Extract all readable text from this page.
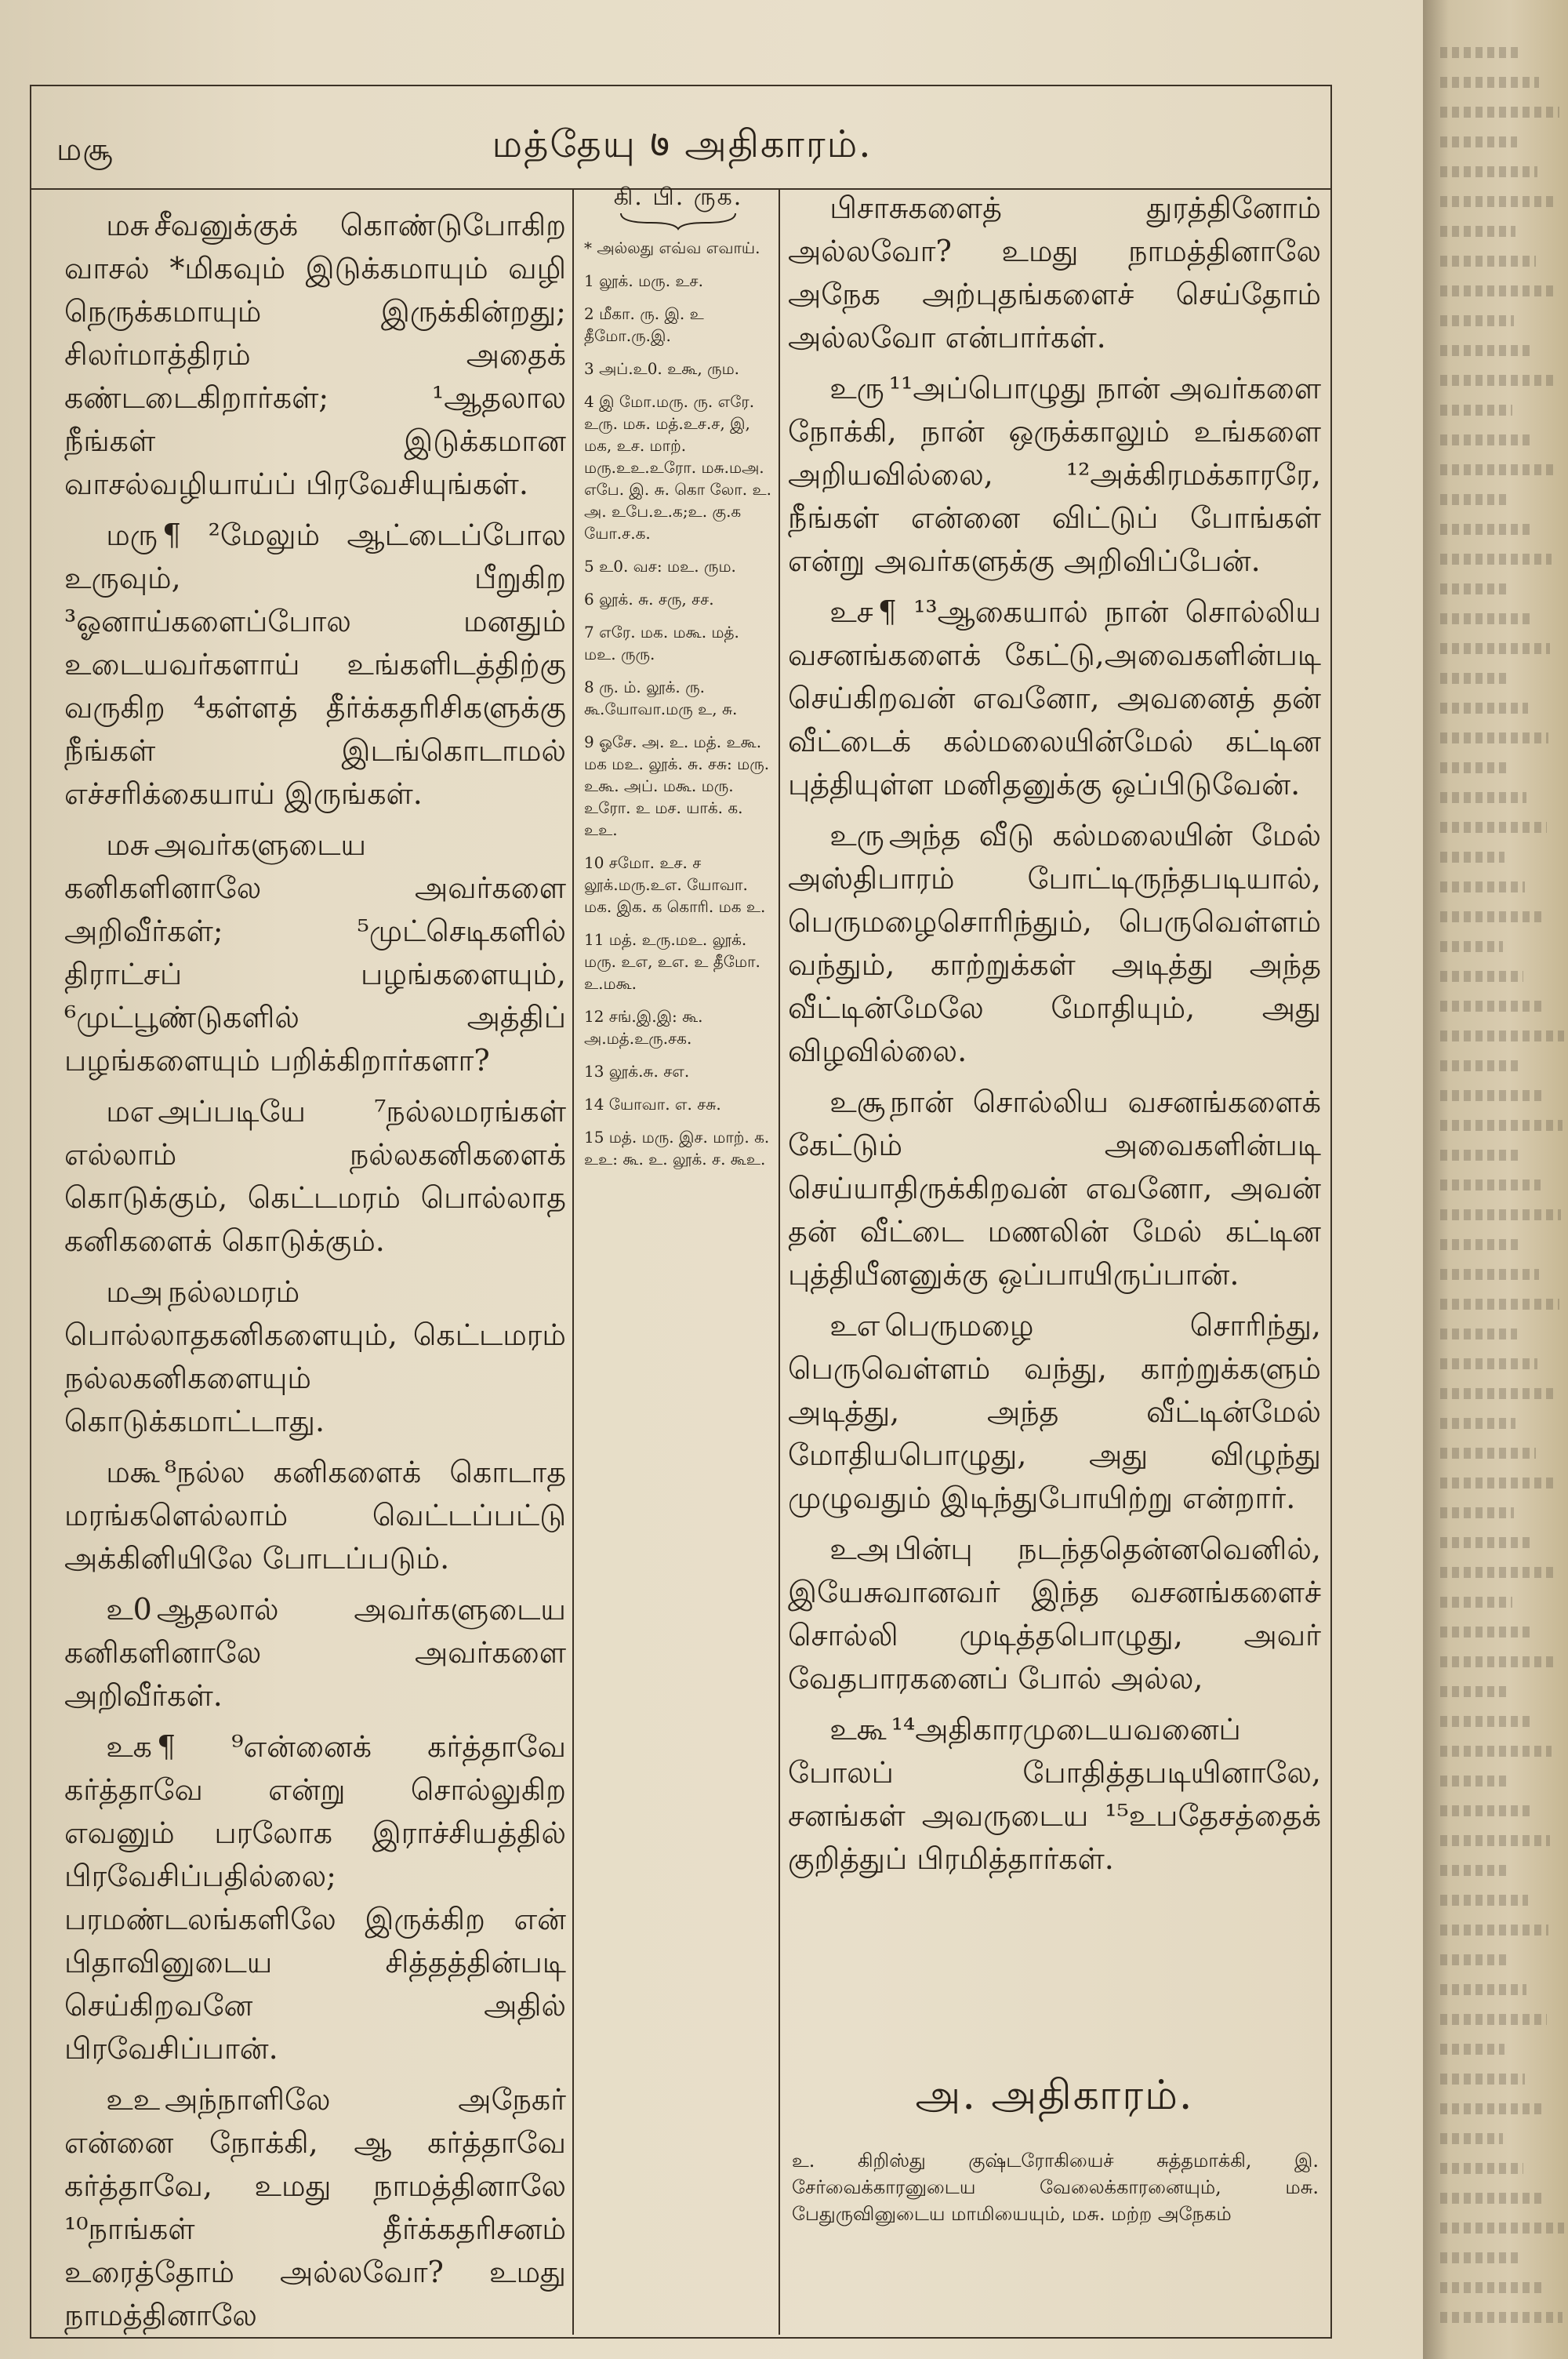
மசூ	மத்தேயு ७ அதிகாரம்.

மசு சீவனுக்குக் கொண்டுபோகிற வாசல் *மிகவும் இடுக்கமாயும் வழி நெருக்கமாயும் இருக்கின்றது; சிலர்மாத்திரம் அதைக் கண்டடைகிறார்கள்; ¹ஆதலால நீங்கள் இடுக்கமான வாசல்வழியாய்ப் பிரவேசியுங்கள்.

மரு ¶ ²மேலும் ஆட்டைப்போல உருவும், பீறுகிற ³ஓனாய்களைப்போல மனதும் உடையவர்களாய் உங்களிடத்திற்கு வருகிற ⁴கள்ளத் தீர்க்கதரிசிகளுக்கு நீங்கள் இடங்கொடாமல் எச்சரிக்கையாய் இருங்கள்.

மசு அவர்களுடைய கனிகளினாலே அவர்களை அறிவீர்கள்; ⁵முட்செடிகளில் திராட்சப் பழங்களையும், ⁶முட்பூண்டுகளில் அத்திப் பழங்களையும் பறிக்கிறார்களா?

மஎ அப்படியே ⁷நல்லமரங்கள் எல்லாம் நல்லகனிகளைக் கொடுக்கும், கெட்டமரம் பொல்லாத கனிகளைக் கொடுக்கும்.

மஅ நல்லமரம் பொல்லாதகனிகளையும், கெட்டமரம் நல்லகனிகளையும் கொடுக்கமாட்டாது.

மகூ ⁸நல்ல கனிகளைக் கொடாத மரங்களெல்லாம் வெட்டப்பட்டு அக்கினியிலே போடப்படும்.

உ0 ஆதலால் அவர்களுடைய கனிகளினாலே அவர்களை அறிவீர்கள்.

உக ¶ ⁹என்னைக் கர்த்தாவே கர்த்தாவே என்று சொல்லுகிற எவனும் பரலோக இராச்சியத்தில் பிரவேசிப்பதில்லை; பரமண்டலங்களிலே இருக்கிற என் பிதாவினுடைய சித்தத்தின்படி செய்கிறவனே அதில் பிரவேசிப்பான்.

உஉ அந்நாளிலே அநேகர் என்னை நோக்கி, ஆ கர்த்தாவே கர்த்தாவே, உமது நாமத்தினாலே ¹⁰நாங்கள் தீர்க்கதரிசனம் உரைத்தோம் அல்லவோ? உமது நாமத்தினாலே

கி. பி. ருக.
* அல்லது எவ்வ எவாய்.
1 லூக். மரு. உச.
2 மீகா. ரு. இ. உ தீமோ.ரு.இ.
3 அப்.உ0. உகூ, ரும.
4 இ மோ.மரு. ரு. எரே. உரு. மசு. மத்.உச.ச, இ, மக, உச. மாற். மரு.உஉ.உரோ. மசு.மஅ. எபே. இ. சு. கொ லோ. உ. அ. உபே.உ.க;உ. கு.க யோ.ச.க.
5 உ0. வச: மஉ. ரும.
6 லூக். சு. சரு, சச.
7 எரே. மக. மகூ. மத். மஉ. ருரு.
8 ரு. ம். லூக். ரு. கூ.யோவா.மரு உ, சு.
9 ஓசே. அ. உ. மத். உகூ. மக மஉ. லூக். சு. சசு: மரு. உகூ. அப். மகூ. மரு. உரோ. உ மச. யாக். க. உஉ.
10 சமோ. உச. ச லூக்.மரு.உஎ. யோவா. மக. இக. க கொரி. மக உ.
11 மத். உரு.மஉ. லூக். மரு. உஎ, உஎ. உ தீமோ. உ.மகூ.
12 சங்.இ.இ: கூ. அ.மத்.உரு.சக.
13 லூக்.சு. சஎ.
14 யோவா. எ. சசு.
15 மத். மரு. இச. மாற். க. உஉ: கூ. உ. லூக். ச. கூஉ.

பிசாசுகளைத் துரத்தினோம் அல்லவோ? உமது நாமத்தினாலே அநேக அற்புதங்களைச் செய்தோம் அல்லவோ என்பார்கள்.

உரு ¹¹அப்பொழுது நான் அவர்களை நோக்கி, நான் ஒருக்காலும் உங்களை அறியவில்லை, ¹²அக்கிரமக்காரரே, நீங்கள் என்னை விட்டுப் போங்கள் என்று அவர்களுக்கு அறிவிப்பேன்.

உச ¶ ¹³ஆகையால் நான் சொல்லிய வசனங்களைக் கேட்டு,அவைகளின்படி செய்கிறவன் எவனோ, அவனைத் தன் வீட்டைக் கல்மலையின்மேல் கட்டின புத்தியுள்ள மனிதனுக்கு ஒப்பிடுவேன்.

உரு அந்த வீடு கல்மலையின் மேல் அஸ்திபாரம் போட்டிருந்தபடியால், பெருமழைசொரிந்தும், பெருவெள்ளம் வந்தும், காற்றுக்கள் அடித்து அந்த வீட்டின்மேலே மோதியும், அது விழவில்லை.

உசூ நான் சொல்லிய வசனங்களைக் கேட்டும் அவைகளின்படி செய்யாதிருக்கிறவன் எவனோ, அவன் தன் வீட்டை மணலின் மேல் கட்டின புத்தியீனனுக்கு ஒப்பாயிருப்பான்.

உஎ பெருமழை சொரிந்து, பெருவெள்ளம் வந்து, காற்றுக்களும் அடித்து, அந்த வீட்டின்மேல் மோதியபொழுது, அது விழுந்து முழுவதும் இடிந்துபோயிற்று என்றார்.

உஅ பின்பு நடந்ததென்னவெனில், இயேசுவானவர் இந்த வசனங்களைச் சொல்லி முடித்தபொழுது, அவர் வேதபாரகனைப் போல் அல்ல,

உகூ ¹⁴அதிகாரமுடையவனைப் போலப் போதித்தபடியினாலே, சனங்கள் அவருடைய ¹⁵உபதேசத்தைக் குறித்துப் பிரமித்தார்கள்.

அ. அதிகாரம்.
உ. கிறிஸ்து குஷ்டரோகியைச் சுத்தமாக்கி, இ. சேர்வைக்காரனுடைய வேலைக்காரனையும், மசு. பேதுருவினுடைய மாமியையும், மசு. மற்ற அநேகம்
